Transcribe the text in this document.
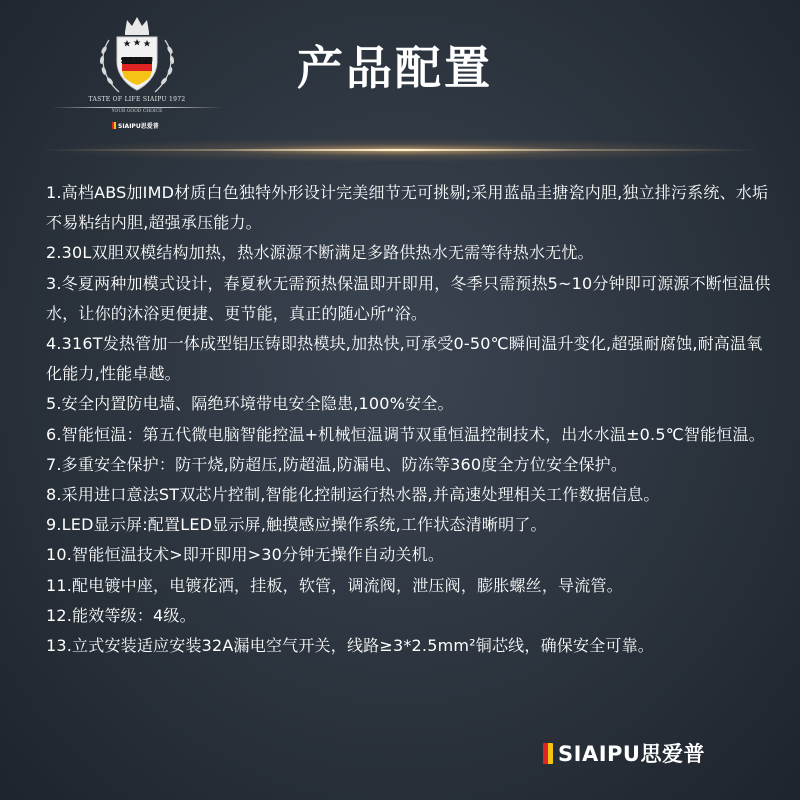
SIAIPU
TASTE OF LIFE SIAIPU 1972
YOUR GOOD CHOICE
SIAIPU思爱普
产品配置
1.高档ABS加IMD材质白色独特外形设计完美细节无可挑剔;采用蓝晶圭搪瓷内胆,独立排污系统、水垢不易粘结内胆,超强承压能力。
2.30L双胆双模结构加热，热水源源不断满足多路供热水无需等待热水无忧。
3.冬夏两种加模式设计，春夏秋无需预热保温即开即用，冬季只需预热5~10分钟即可源源不断恒温供水，让你的沐浴更便捷、更节能，真正的随心所“浴。
4.316T发热管加一体成型铝压铸即热模块,加热快,可承受0-50℃瞬间温升变化,超强耐腐蚀,耐高温氧化能力,性能卓越。
5.安全内置防电墙、隔绝环境带电安全隐患,100%安全。
6.智能恒温：第五代微电脑智能控温+机械恒温调节双重恒温控制技术，出水水温±0.5℃智能恒温。
7.多重安全保护：防干烧,防超压,防超温,防漏电、防冻等360度全方位安全保护。
8.采用进口意法ST双芯片控制,智能化控制运行热水器,并高速处理相关工作数据信息。
9.LED显示屏:配置LED显示屏,触摸感应操作系统,工作状态清晰明了。
10.智能恒温技术>即开即用>30分钟无操作自动关机。
11.配电镀中座，电镀花洒，挂板，软管，调流阀，泄压阀，膨胀螺丝，导流管。
12.能效等级：4级。
13.立式安装适应安装32A漏电空气开关，线路≥3*2.5mm²铜芯线，确保安全可靠。
SIAIPU思爱普
